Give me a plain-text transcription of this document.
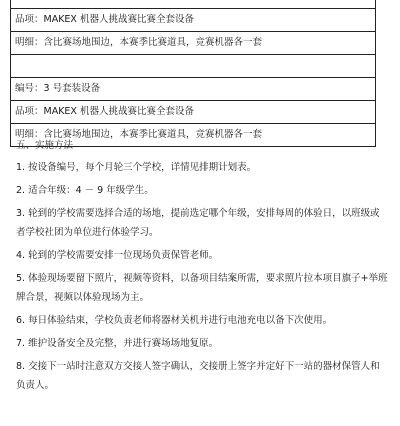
品项：MAKEX 机器人挑战赛比赛全套设备
明细：含比赛场地围边，本赛季比赛道具，竞赛机器各一套

编号：3 号套装设备
品项：MAKEX 机器人挑战赛比赛全套设备
明细：含比赛场地围边，本赛季比赛道具，竞赛机器各一套

五、实施方法

1. 按设备编号，每个月轮三个学校，详情见排期计划表。

2. 适合年级：4 － 9 年级学生。

3. 轮到的学校需要选择合适的场地，提前选定哪个年级，安排每周的体验日，以班级或者学校社团为单位进行体验学习。

4. 轮到的学校需要安排一位现场负责保管老师。

5. 体验现场要留下照片，视频等资料，以备项目结案所需，要求照片拉本项目旗子+举班牌合景，视频以体验现场为主。

6. 每日体验结束，学校负责老师将器材关机并进行电池充电以备下次使用。

7. 维护设备安全及完整，并进行赛场场地复原。

8. 交接下一站时注意双方交接人签字确认，交接册上签字并定好下一站的器材保管人和负责人。
